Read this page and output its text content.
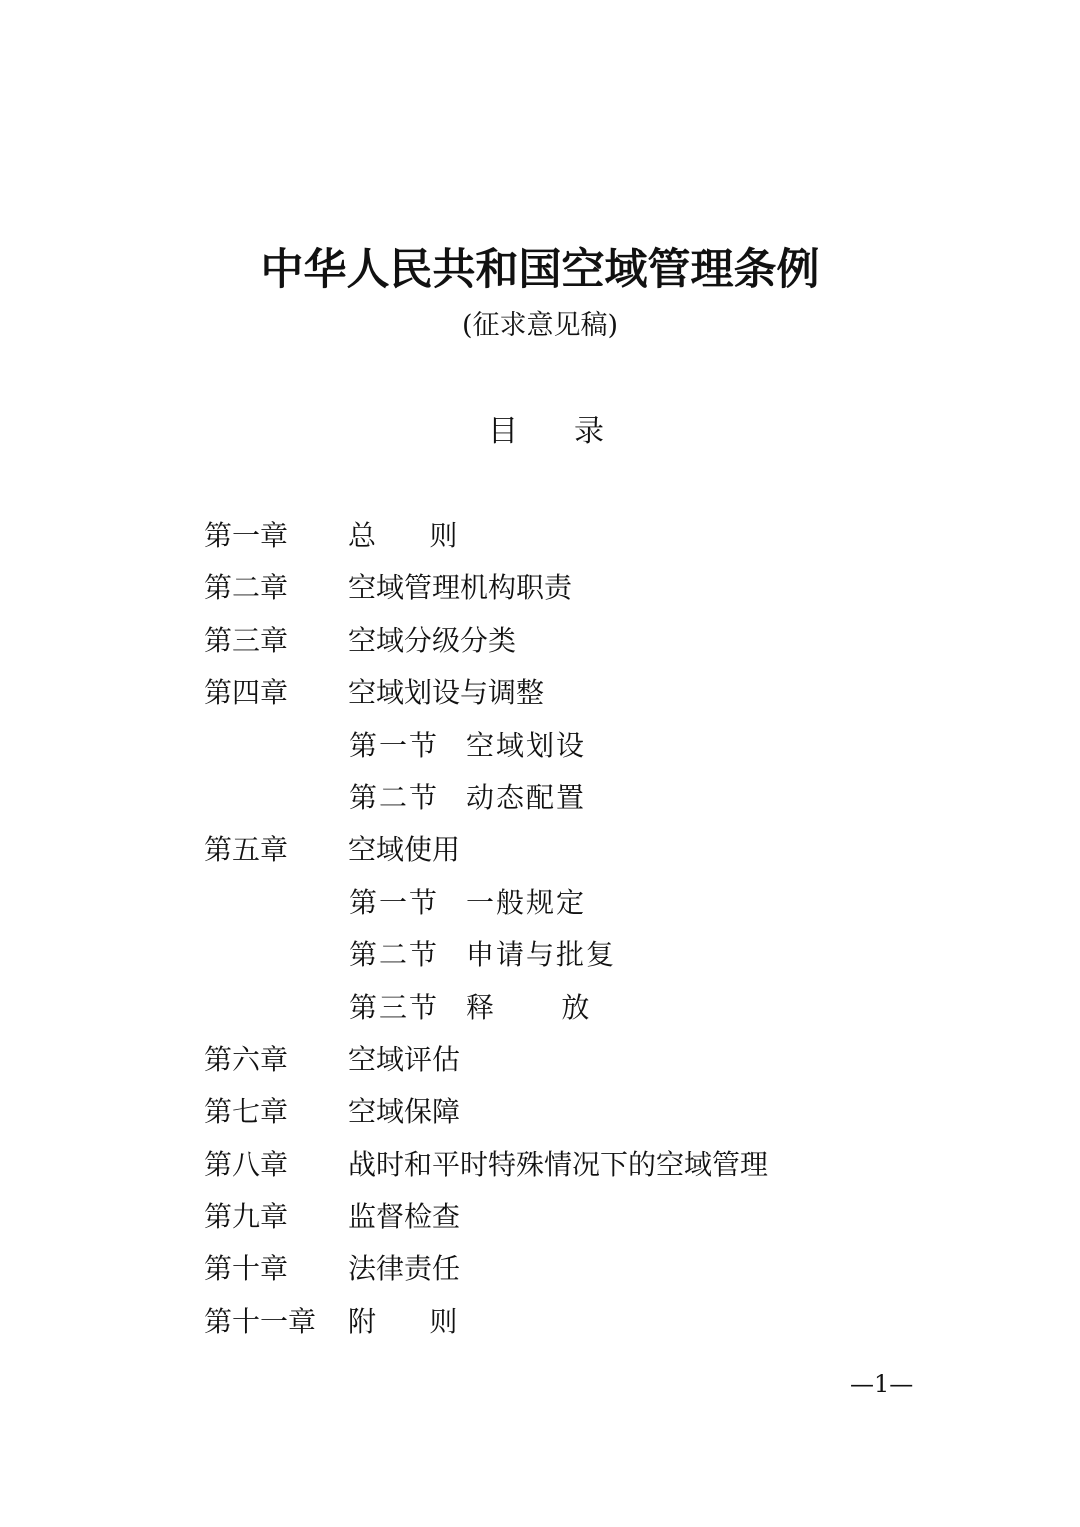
中华人民共和国空域管理条例
(征求意见稿)
目 录
第一章 总      则
第二章 空域管理机构职责
第三章 空域分级分类
第四章 空域划设与调整
第一节 空域划设
第二节 动态配置
第五章 空域使用
第一节 一般规定
第二节 申请与批复
第三节 释      放
第六章 空域评估
第七章 空域保障
第八章 战时和平时特殊情况下的空域管理
第九章 监督检查
第十章 法律责任
第十一章 附      则
—1—
